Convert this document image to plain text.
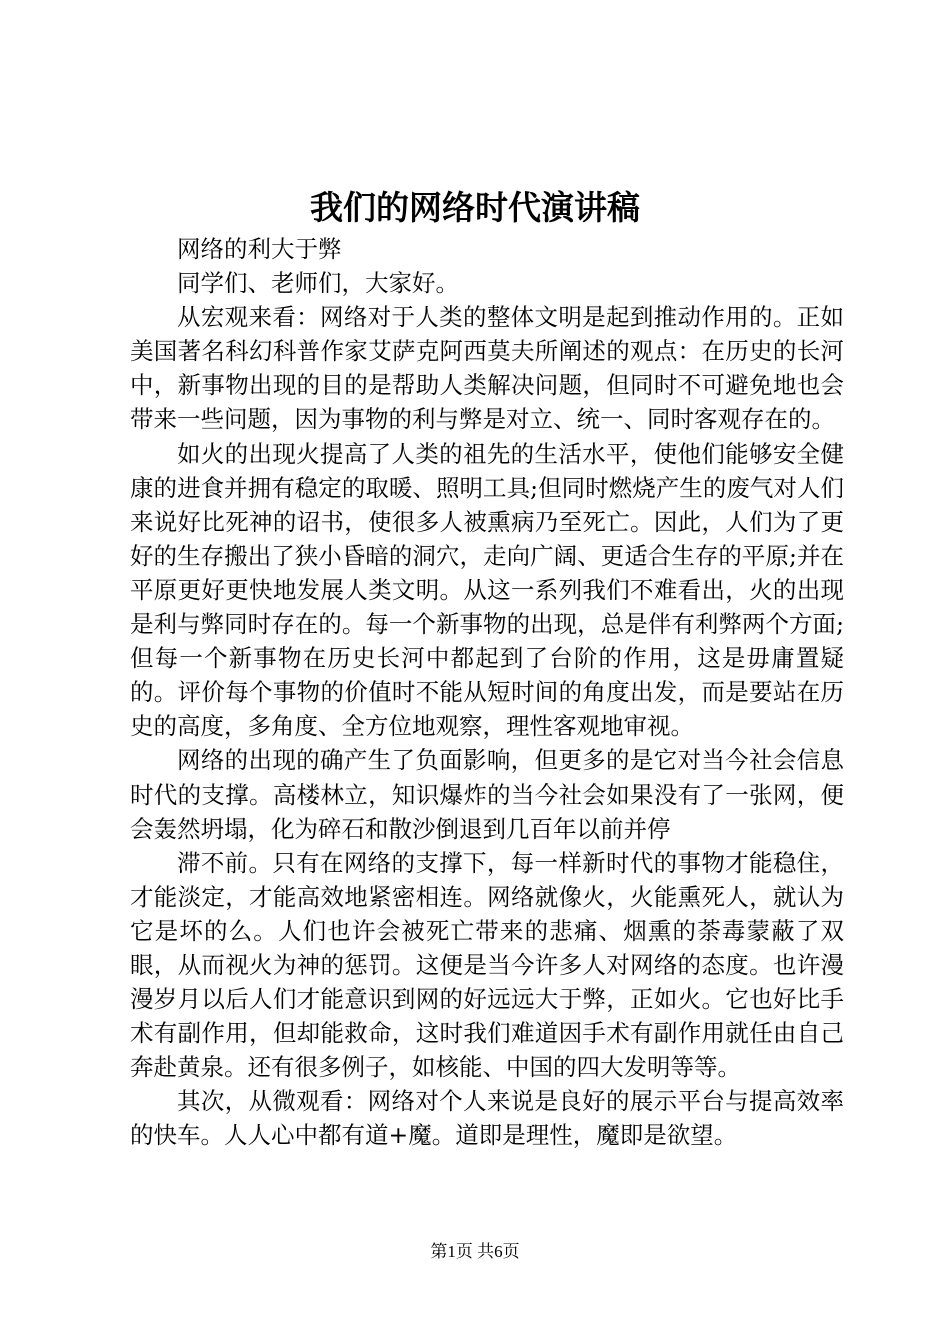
我们的网络时代演讲稿

网络的利大于弊

同学们、老师们，大家好。

从宏观来看：网络对于人类的整体文明是起到推动作用的。正如美国著名科幻科普作家艾萨克阿西莫夫所阐述的观点：在历史的长河中，新事物出现的目的是帮助人类解决问题，但同时不可避免地也会带来一些问题，因为事物的利与弊是对立、统一、同时客观存在的。

如火的出现火提高了人类的祖先的生活水平，使他们能够安全健康的进食并拥有稳定的取暖、照明工具;但同时燃烧产生的废气对人们来说好比死神的诏书，使很多人被熏病乃至死亡。因此，人们为了更好的生存搬出了狭小昏暗的洞穴，走向广阔、更适合生存的平原;并在平原更好更快地发展人类文明。从这一系列我们不难看出，火的出现是利与弊同时存在的。每一个新事物的出现，总是伴有利弊两个方面;但每一个新事物在历史长河中都起到了台阶的作用，这是毋庸置疑的。评价每个事物的价值时不能从短时间的角度出发，而是要站在历史的高度，多角度、全方位地观察，理性客观地审视。

网络的出现的确产生了负面影响，但更多的是它对当今社会信息时代的支撑。高楼林立，知识爆炸的当今社会如果没有了一张网，便会轰然坍塌，化为碎石和散沙倒退到几百年以前并停

滞不前。只有在网络的支撑下，每一样新时代的事物才能稳住，才能淡定，才能高效地紧密相连。网络就像火，火能熏死人，就认为它是坏的么。人们也许会被死亡带来的悲痛、烟熏的荼毒蒙蔽了双眼，从而视火为神的惩罚。这便是当今许多人对网络的态度。也许漫漫岁月以后人们才能意识到网的好远远大于弊，正如火。它也好比手术有副作用，但却能救命，这时我们难道因手术有副作用就任由自己奔赴黄泉。还有很多例子，如核能、中国的四大发明等等。

其次，从微观看：网络对个人来说是良好的展示平台与提高效率的快车。人人心中都有道+魔。道即是理性，魔即是欲望。

第1页 共6页
